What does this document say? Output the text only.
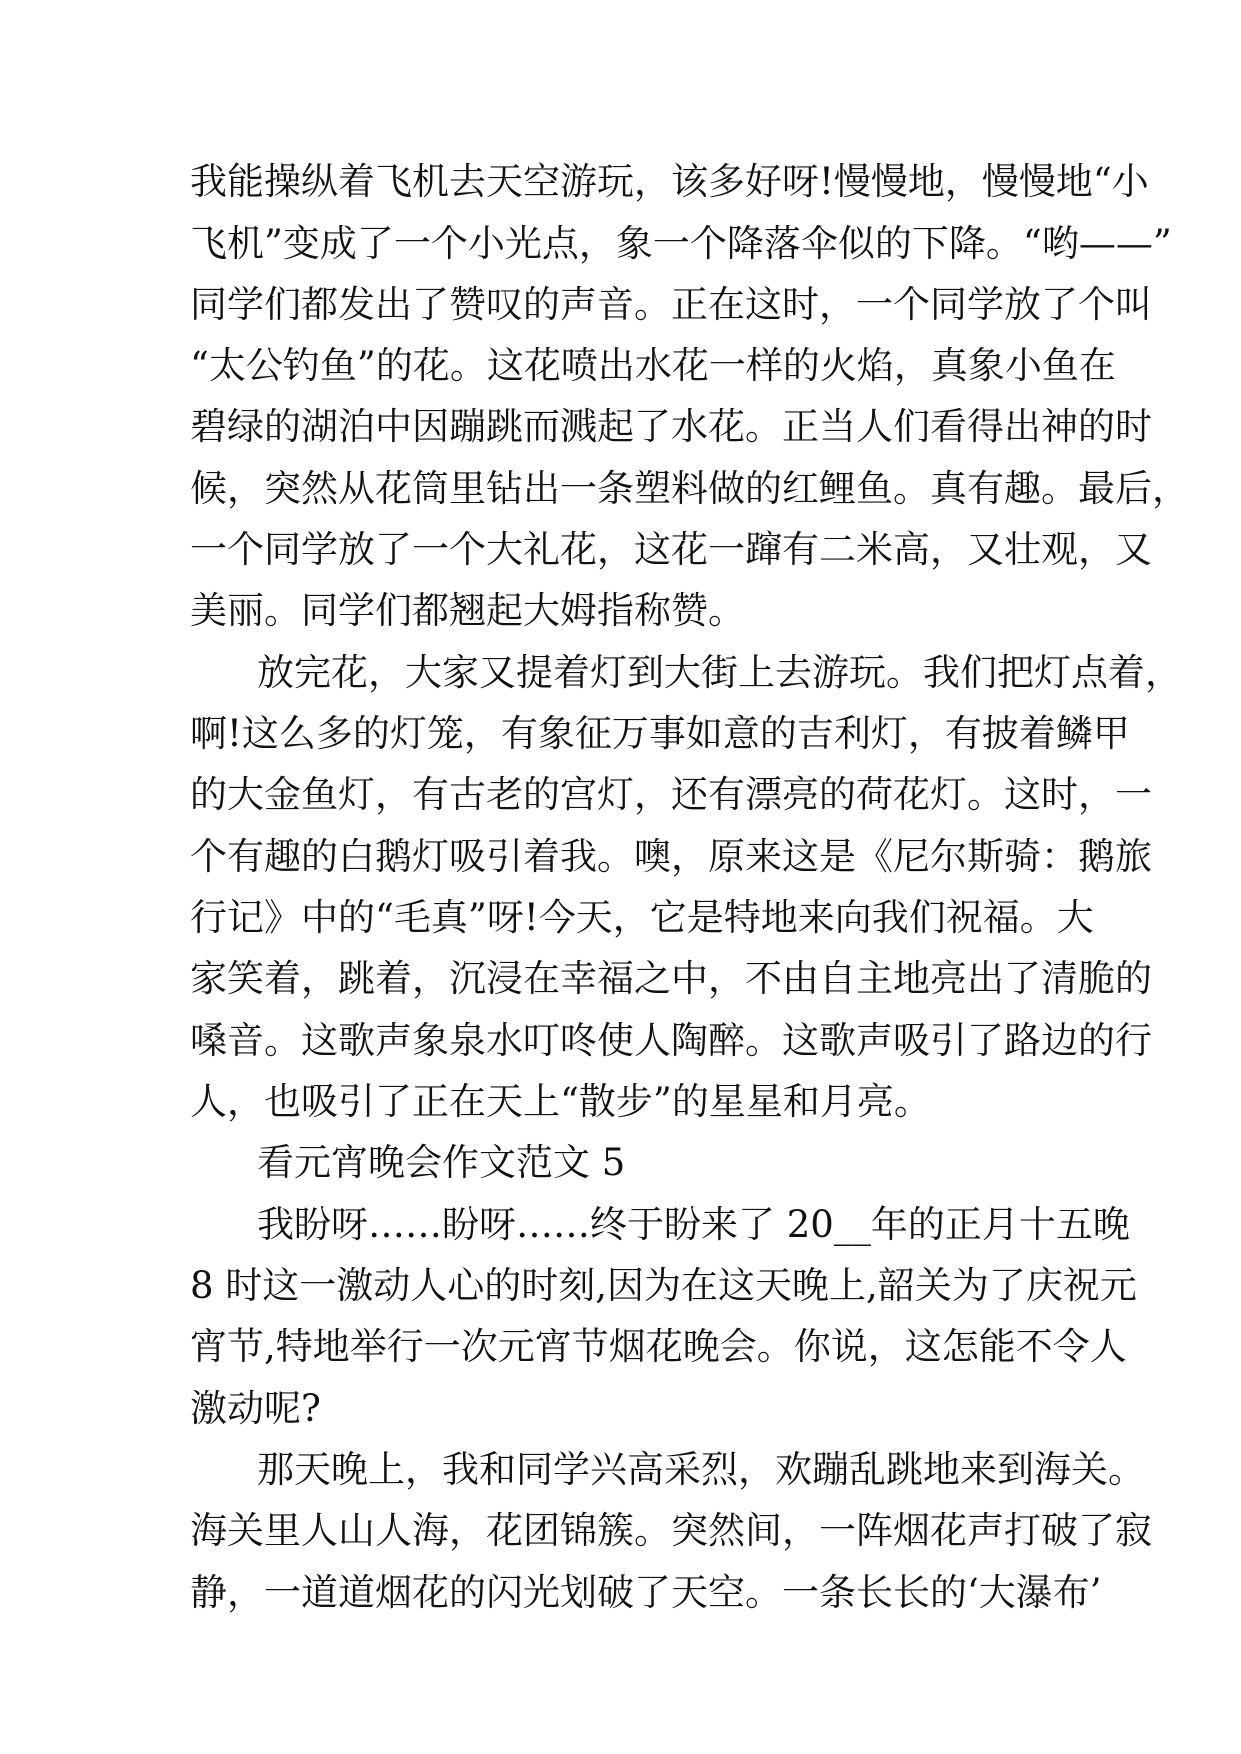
我能操纵着飞机去天空游玩，该多好呀!慢慢地，慢慢地“小
飞机”变成了一个小光点，象一个降落伞似的下降。“哟——”
同学们都发出了赞叹的声音。正在这时，一个同学放了个叫
“太公钓鱼”的花。这花喷出水花一样的火焰，真象小鱼在
碧绿的湖泊中因蹦跳而溅起了水花。正当人们看得出神的时
候，突然从花筒里钻出一条塑料做的红鲤鱼。真有趣。最后，
一个同学放了一个大礼花，这花一蹿有二米高，又壮观，又
美丽。同学们都翘起大姆指称赞。
放完花，大家又提着灯到大街上去游玩。我们把灯点着，
啊!这么多的灯笼，有象征万事如意的吉利灯，有披着鳞甲
的大金鱼灯，有古老的宫灯，还有漂亮的荷花灯。这时，一
个有趣的白鹅灯吸引着我。噢，原来这是《尼尔斯骑：鹅旅
行记》中的“毛真”呀!今天，它是特地来向我们祝福。大
家笑着，跳着，沉浸在幸福之中，不由自主地亮出了清脆的
嗓音。这歌声象泉水叮咚使人陶醉。这歌声吸引了路边的行
人，也吸引了正在天上“散步”的星星和月亮。
看元宵晚会作文范文 5
我盼呀……盼呀……终于盼来了 20__年的正月十五晚
8 时这一激动人心的时刻,因为在这天晚上,韶关为了庆祝元
宵节,特地举行一次元宵节烟花晚会。你说，这怎能不令人
激动呢?
那天晚上，我和同学兴高采烈，欢蹦乱跳地来到海关。
海关里人山人海，花团锦簇。突然间，一阵烟花声打破了寂
静，一道道烟花的闪光划破了天空。一条长长的‘大瀑布’
